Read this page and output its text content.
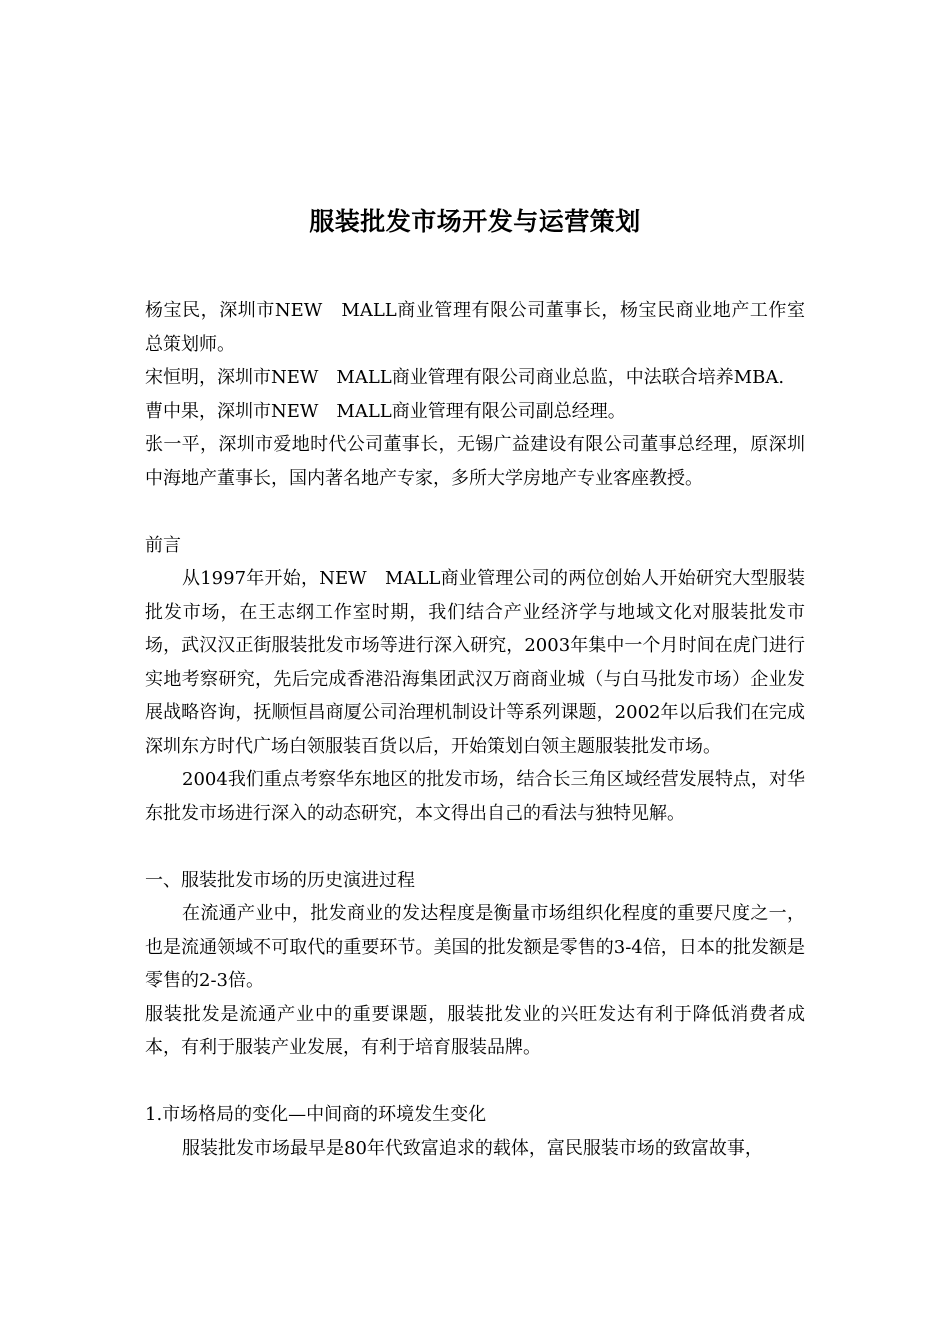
服装批发市场开发与运营策划

杨宝民，深圳市NEW　MALL商业管理有限公司董事长，杨宝民商业地产工作室总策划师。

宋恒明，深圳市NEW　MALL商业管理有限公司商业总监，中法联合培养MBA.

曹中果，深圳市NEW　MALL商业管理有限公司副总经理。

张一平，深圳市爱地时代公司董事长，无锡广益建设有限公司董事总经理，原深圳中海地产董事长，国内著名地产专家，多所大学房地产专业客座教授。

前言

从1997年开始，NEW　MALL商业管理公司的两位创始人开始研究大型服装批发市场，在王志纲工作室时期，我们结合产业经济学与地域文化对服装批发市场，武汉汉正街服装批发市场等进行深入研究，2003年集中一个月时间在虎门进行实地考察研究，先后完成香港沿海集团武汉万商商业城（与白马批发市场）企业发展战略咨询，抚顺恒昌商厦公司治理机制设计等系列课题，2002年以后我们在完成深圳东方时代广场白领服装百货以后，开始策划白领主题服装批发市场。

2004我们重点考察华东地区的批发市场，结合长三角区域经营发展特点，对华东批发市场进行深入的动态研究，本文得出自己的看法与独特见解。

一、服装批发市场的历史演进过程

在流通产业中，批发商业的发达程度是衡量市场组织化程度的重要尺度之一，也是流通领域不可取代的重要环节。美国的批发额是零售的3-4倍，日本的批发额是零售的2-3倍。

服装批发是流通产业中的重要课题，服装批发业的兴旺发达有利于降低消费者成本，有利于服装产业发展，有利于培育服装品牌。

1.市场格局的变化—中间商的环境发生变化

服装批发市场最早是80年代致富追求的载体，富民服装市场的致富故事，
